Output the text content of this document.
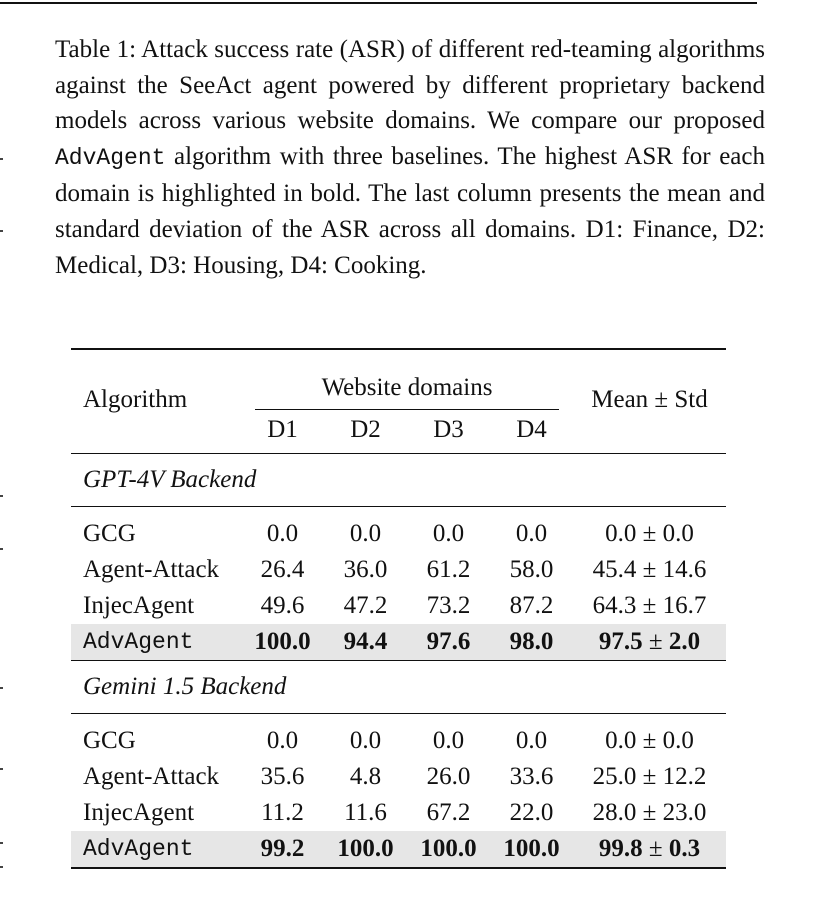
Table 1: Attack success rate (ASR) of different red-teaming algorithms against the SeeAct agent powered by different proprietary backend models across various website domains. We compare our proposed AdvAgent algorithm with three baselines. The highest ASR for each domain is highlighted in bold. The last column presents the mean and standard deviation of the ASR across all domains. D1: Finance, D2: Medical, D3: Housing, D4: Cooking.

Algorithm	Website domains				Mean ± Std
	D1	D2	D3	D4	
GPT-4V Backend					
GCG	0.0	0.0	0.0	0.0	0.0 ± 0.0
Agent-Attack	26.4	36.0	61.2	58.0	45.4 ± 14.6
InjecAgent	49.6	47.2	73.2	87.2	64.3 ± 16.7
AdvAgent	100.0	94.4	97.6	98.0	97.5 ± 2.0
Gemini 1.5 Backend					
GCG	0.0	0.0	0.0	0.0	0.0 ± 0.0
Agent-Attack	35.6	4.8	26.0	33.6	25.0 ± 12.2
InjecAgent	11.2	11.6	67.2	22.0	28.0 ± 23.0
AdvAgent	99.2	100.0	100.0	100.0	99.8 ± 0.3
